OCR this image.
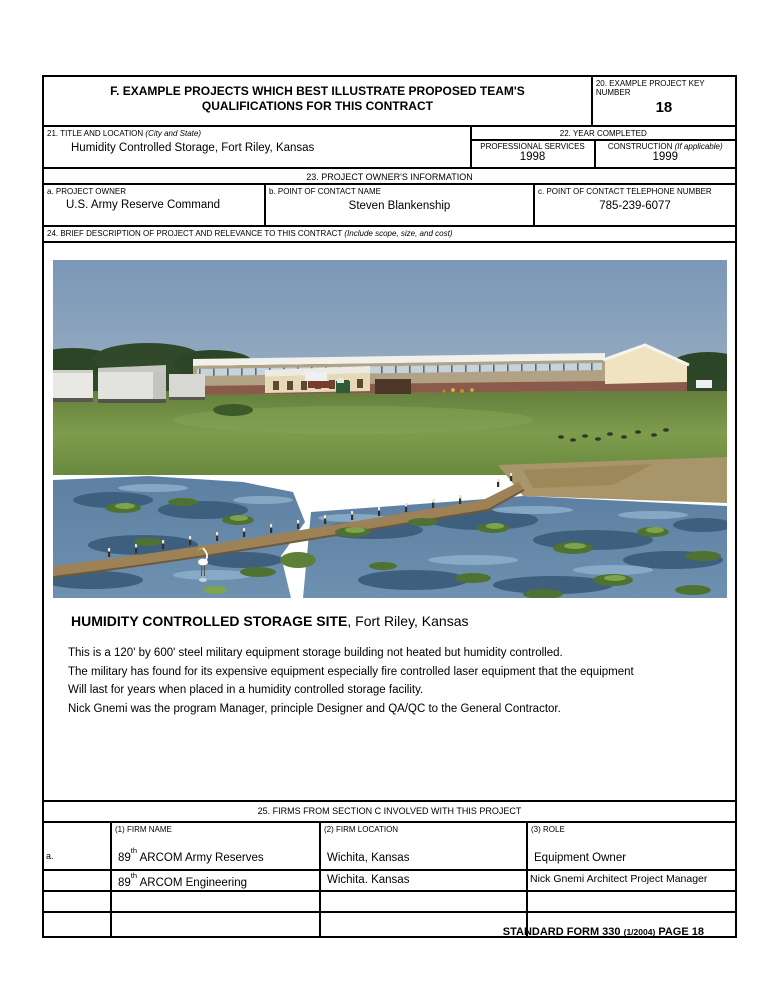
F. EXAMPLE PROJECTS WHICH BEST ILLUSTRATE PROPOSED TEAM'S QUALIFICATIONS FOR THIS CONTRACT
20. EXAMPLE PROJECT KEY NUMBER
18
21. TITLE AND LOCATION (City and State)
Humidity Controlled Storage, Fort Riley, Kansas
22. YEAR COMPLETED
PROFESSIONAL SERVICES
1998
CONSTRUCTION (If applicable)
1999
23. PROJECT OWNER'S INFORMATION
a. PROJECT OWNER
U.S. Army Reserve Command
b. POINT OF CONTACT NAME
Steven Blankenship
c. POINT OF CONTACT TELEPHONE NUMBER
785-239-6077
24. BRIEF DESCRIPTION OF PROJECT AND RELEVANCE TO THIS CONTRACT (Include scope, size, and cost)
HUMIDITY CONTROLLED STORAGE SITE, Fort Riley, Kansas
This is a 120' by 600' steel military equipment storage building not heated but humidity controlled.
The military has found for its expensive equipment especially fire controlled laser equipment that the equipment
Will last for years when placed in a humidity controlled storage facility.
Nick Gnemi was the program Manager, principle Designer and QA/QC to the General Contractor.
25. FIRMS FROM SECTION C INVOLVED WITH THIS PROJECT
a.
(1) FIRM NAME
89th ARCOM Army Reserves
(2) FIRM LOCATION
Wichita, Kansas
(3) ROLE
Equipment Owner
89th ARCOM Engineering	Wichita. Kansas	Nick Gnemi Architect Project Manager
STANDARD FORM 330 (1/2004) PAGE 18
